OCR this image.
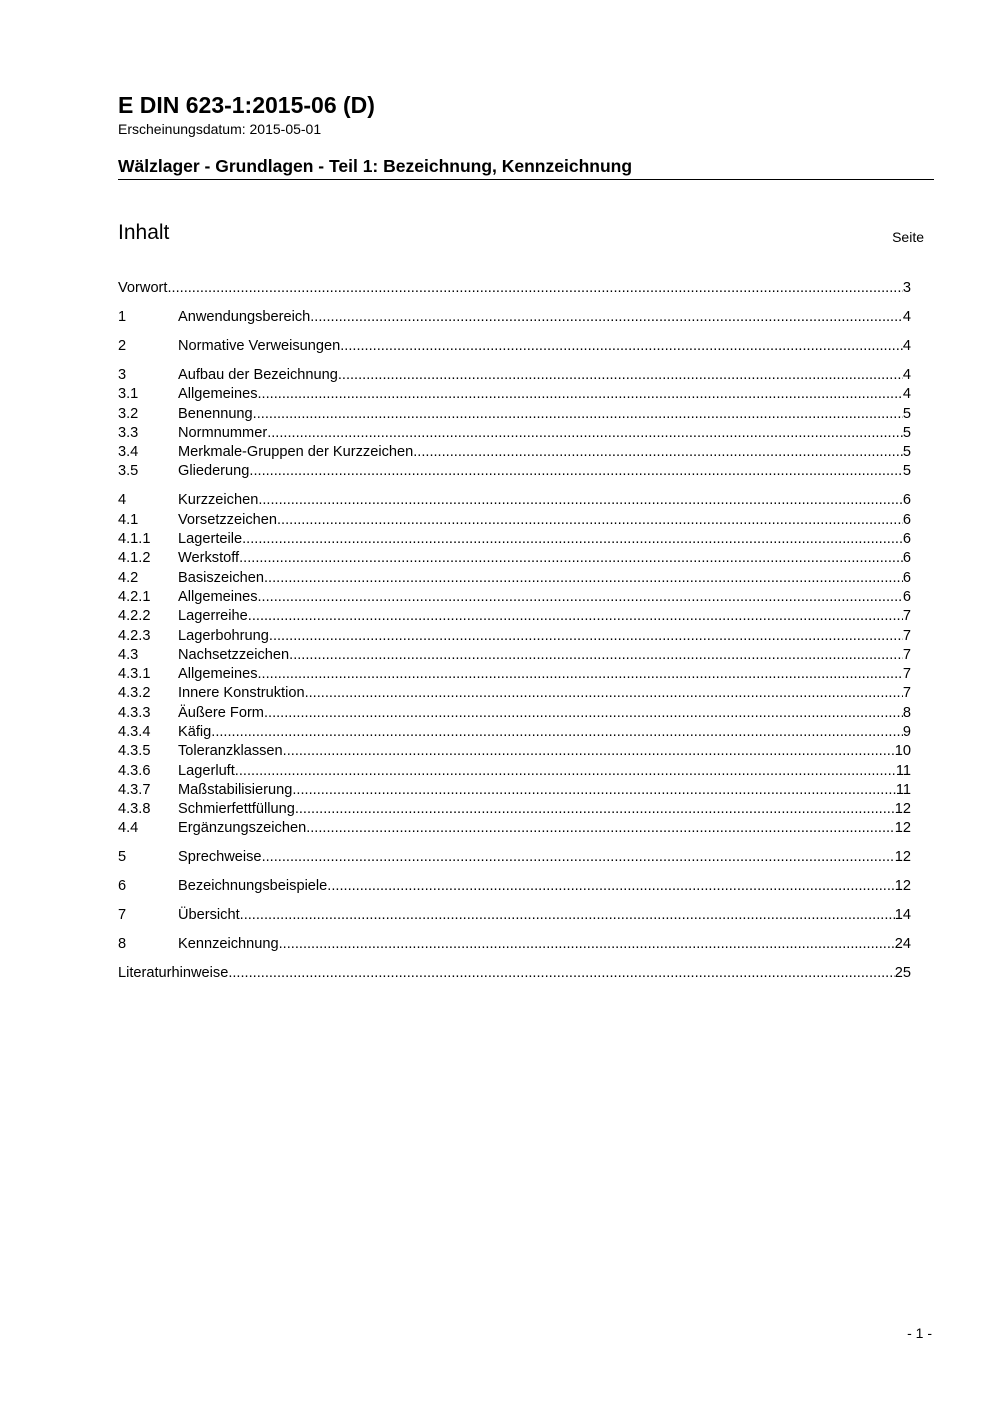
E DIN 623-1:2015-06 (D)

Erscheinungsdatum: 2015-05-01

Wälzlager - Grundlagen - Teil 1: Bezeichnung, Kennzeichnung
Inhalt	Seite
Vorwort .....	3
1	Anwendungsbereich .....	4
2	Normative Verweisungen .....	4
3	Aufbau der Bezeichnung .....	4
3.1	Allgemeines .....	4
3.2	Benennung .....	5
3.3	Normnummer .....	5
3.4	Merkmale-Gruppen der Kurzzeichen .....	5
3.5	Gliederung .....	5
4	Kurzzeichen .....	6
4.1	Vorsetzzeichen .....	6
4.1.1	Lagerteile .....	6
4.1.2	Werkstoff .....	6
4.2	Basiszeichen .....	6
4.2.1	Allgemeines .....	6
4.2.2	Lagerreihe .....	7
4.2.3	Lagerbohrung .....	7
4.3	Nachsetzzeichen .....	7
4.3.1	Allgemeines .....	7
4.3.2	Innere Konstruktion .....	7
4.3.3	Äußere Form .....	8
4.3.4	Käfig .....	9
4.3.5	Toleranzklassen .....	10
4.3.6	Lagerluft .....	11
4.3.7	Maßstabilisierung .....	11
4.3.8	Schmierfettfüllung .....	12
4.4	Ergänzungszeichen .....	12
5	Sprechweise .....	12
6	Bezeichnungsbeispiele .....	12
7	Übersicht .....	14
8	Kennzeichnung .....	24
Literaturhinweise .....	25
- 1 -
